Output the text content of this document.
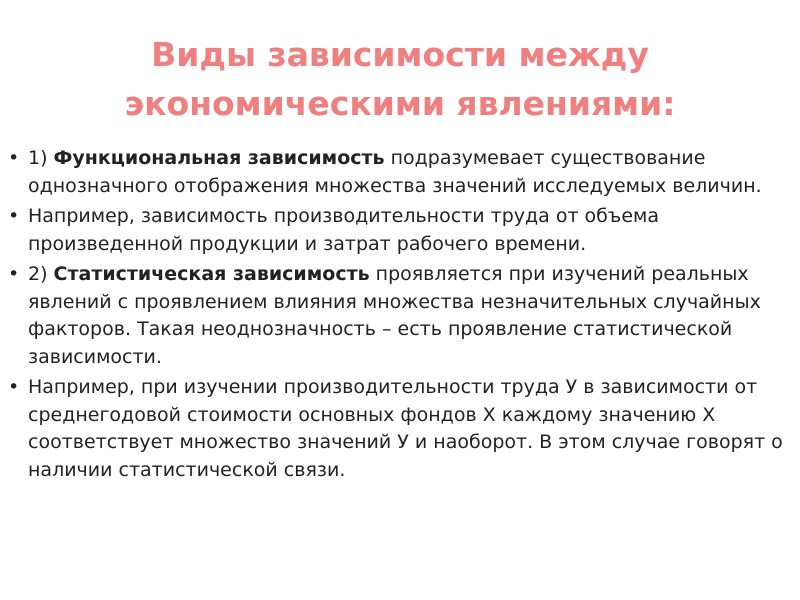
Виды зависимости между
экономическими явлениями:
• 1) Функциональная зависимость подразумевает существование однозначного отображения множества значений исследуемых величин.
• Например, зависимость производительности труда от объема произведенной продукции и затрат рабочего времени.
• 2) Статистическая зависимость проявляется при изучений реальных явлений с проявлением влияния множества незначительных случайных факторов. Такая неоднозначность – есть проявление статистической зависимости.
• Например, при изучении производительности труда У в зависимости от среднегодовой стоимости основных фондов Х каждому значению Х соответствует множество значений У и наоборот. В этом случае говорят о наличии статистической связи.
